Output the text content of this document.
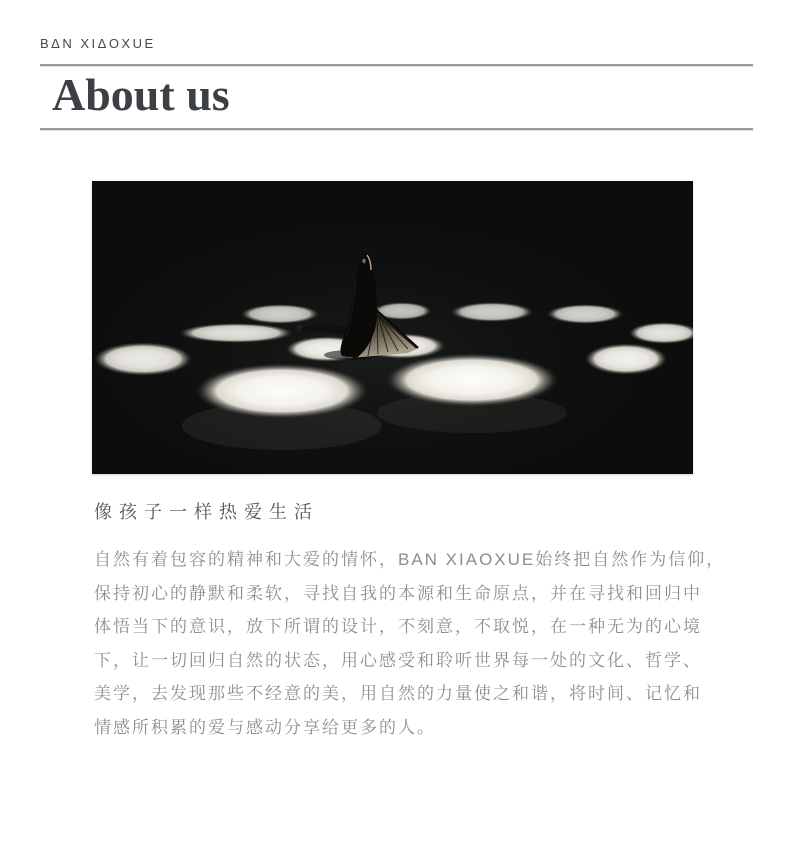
BΔN XIΔOXUE
About us
像孩子一样热爱生活
自然有着包容的精神和大爱的情怀，BAN XIAOXUE始终把自然作为信仰，
保持初心的静默和柔软，寻找自我的本源和生命原点，并在寻找和回归中
体悟当下的意识，放下所谓的设计，不刻意，不取悦，在一种无为的心境
下，让一切回归自然的状态，用心感受和聆听世界每一处的文化、哲学、
美学，去发现那些不经意的美，用自然的力量使之和谐，将时间、记忆和
情感所积累的爱与感动分享给更多的人。
